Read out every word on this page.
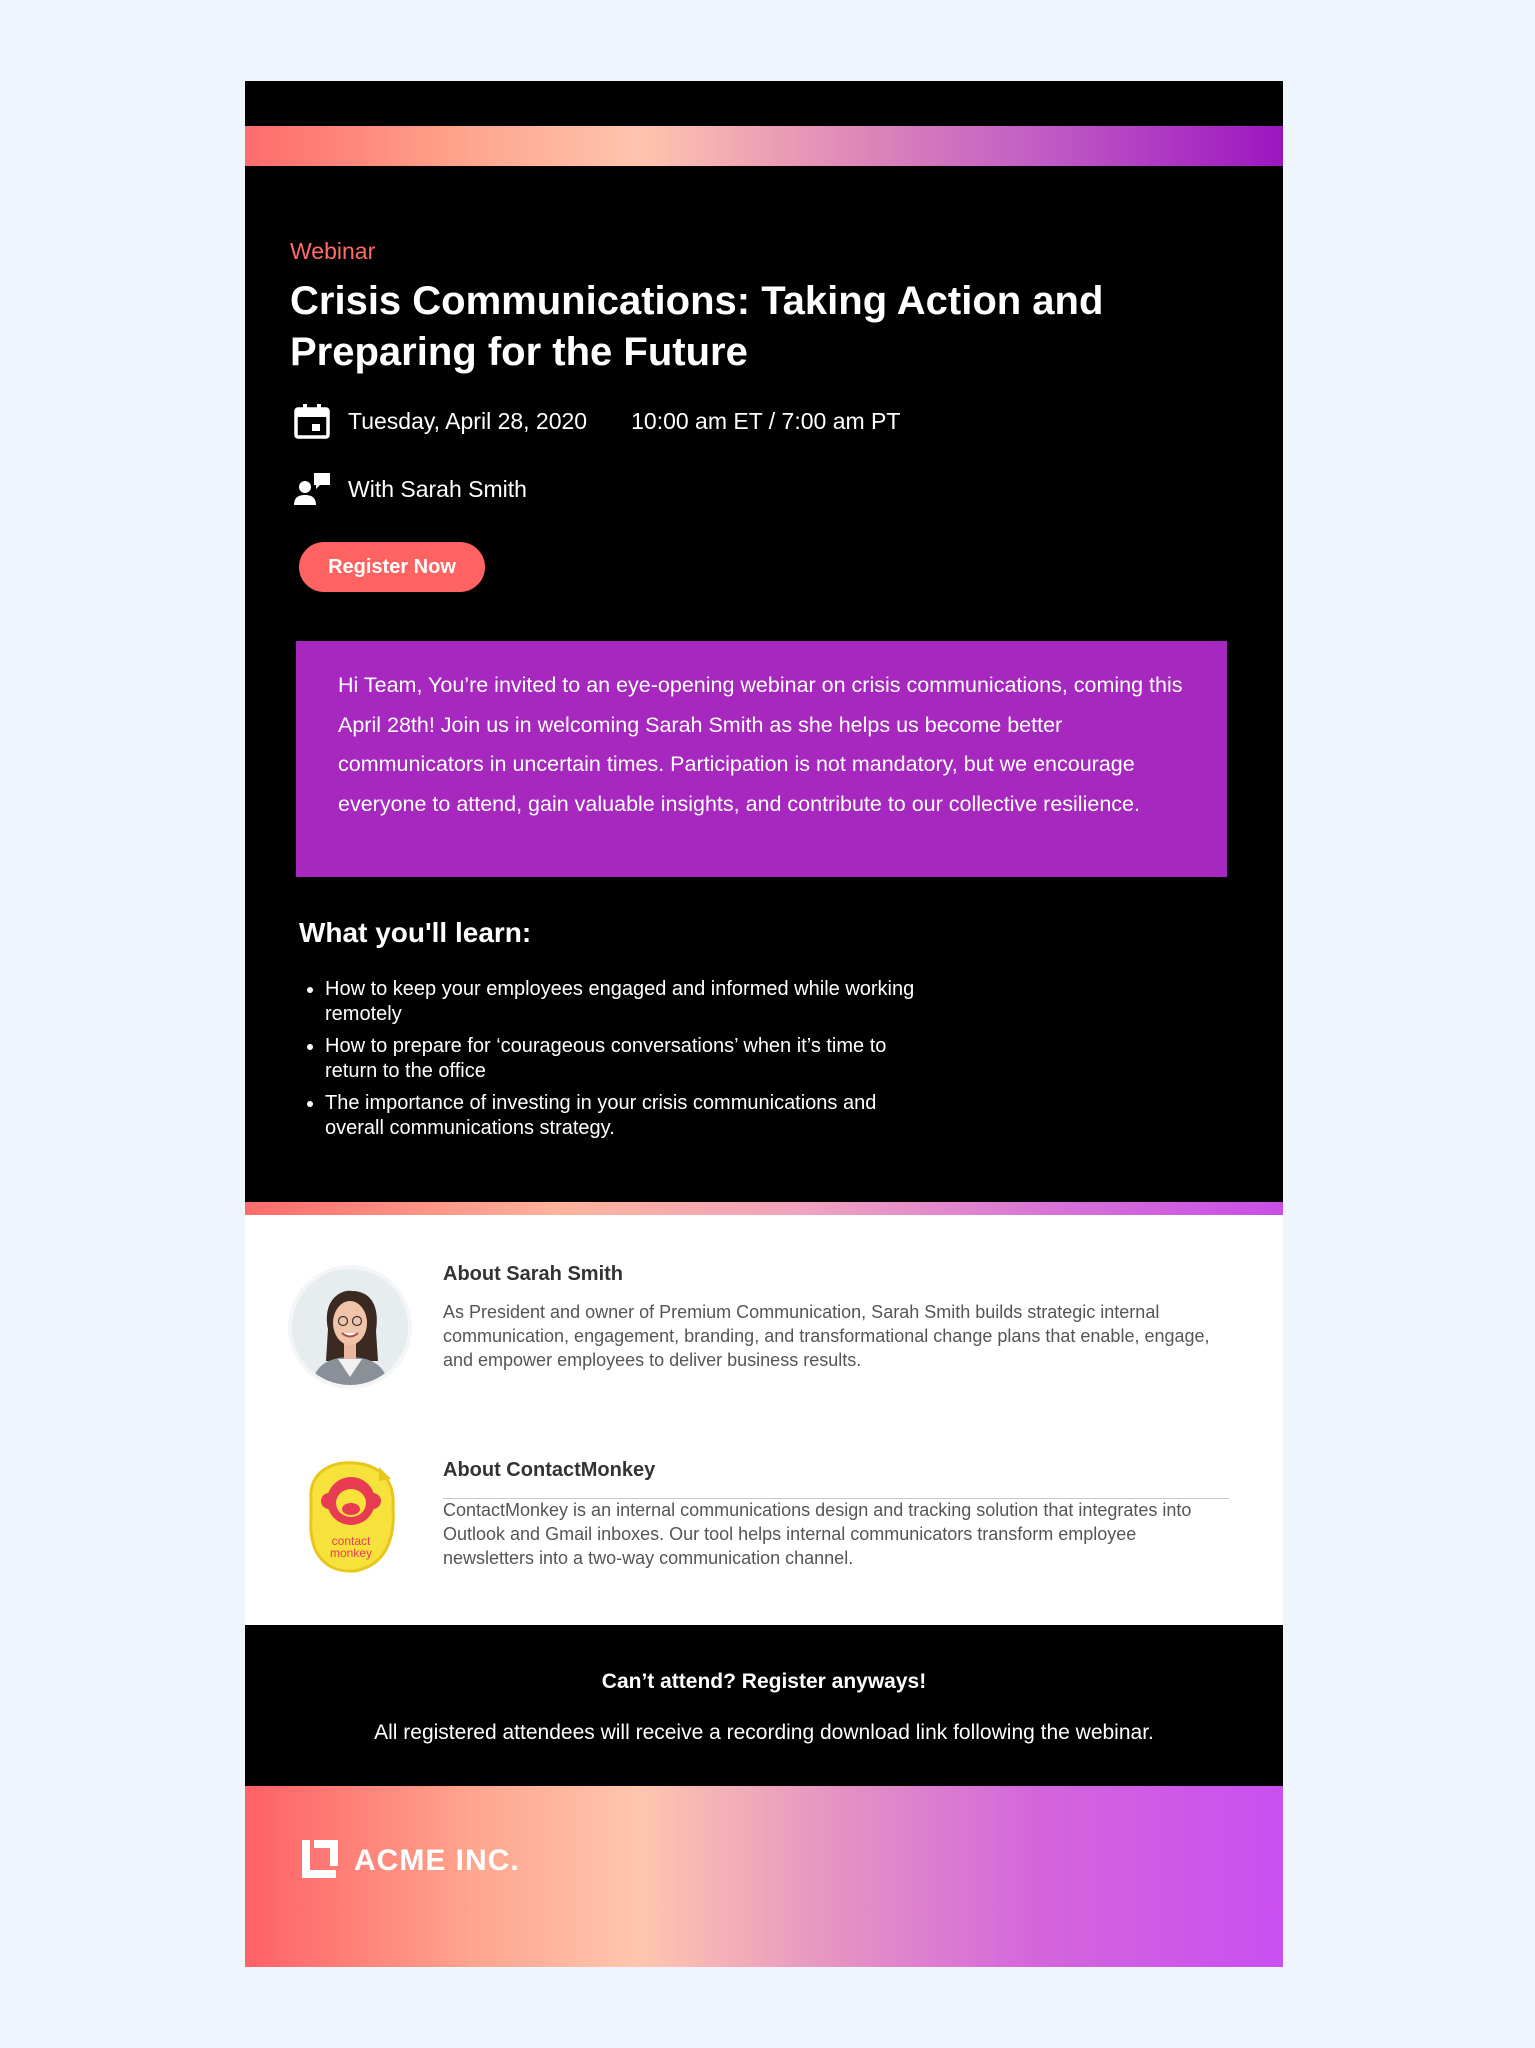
Webinar
Crisis Communications: Taking Action and Preparing for the Future
Tuesday, April 28, 2020 10:00 am ET / 7:00 am PT
With Sarah Smith
Register Now

Hi Team, You’re invited to an eye-opening webinar on crisis communications, coming this April 28th! Join us in welcoming Sarah Smith as she helps us become better communicators in uncertain times. Participation is not mandatory, but we encourage everyone to attend, gain valuable insights, and contribute to our collective resilience.

What you'll learn:
• How to keep your employees engaged and informed while working remotely
• How to prepare for ‘courageous conversations’ when it’s time to return to the office
• The importance of investing in your crisis communications and overall communications strategy.
About Sarah Smith

As President and owner of Premium Communication, Sarah Smith builds strategic internal communication, engagement, branding, and transformational change plans that enable, engage, and empower employees to deliver business results.

contact
monkey
About ContactMonkey

ContactMonkey is an internal communications design and tracking solution that integrates into Outlook and Gmail inboxes. Our tool helps internal communicators transform employee newsletters into a two-way communication channel.

Can’t attend? Register anyways!

All registered attendees will receive a recording download link following the webinar.

ACME INC.
